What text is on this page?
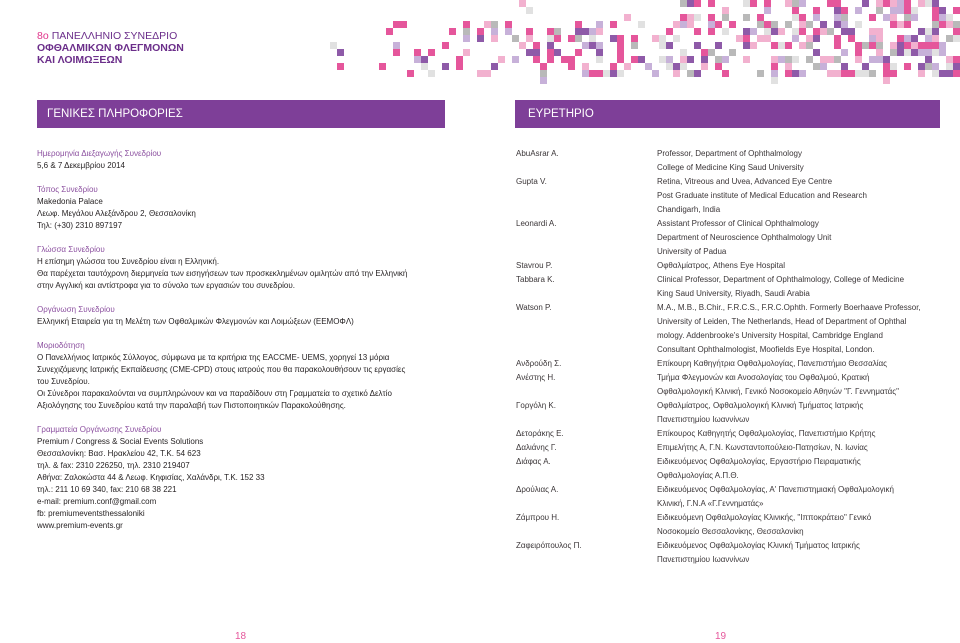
8ο ΠΑΝΕΛΛΗΝΙΟ ΣΥΝΕΔΡΙΟ
ΟΦΘΑΛΜΙΚΩΝ ΦΛΕΓΜΟΝΩΝ
ΚΑΙ ΛΟΙΜΩΞΕΩΝ
ΓΕΝΙΚΕΣ ΠΛΗΡΟΦΟΡΙΕΣ	ΕΥΡΕΤΗΡΙΟ
Ημερομηνία Διεξαγωγής Συνεδρίου
5,6 & 7 Δεκεμβρίου 2014
Τόπος Συνεδρίου
Makedonia Palace
Λεωφ. Μεγάλου Αλεξάνδρου 2, Θεσσαλονίκη
Τηλ: (+30) 2310 897197
Γλώσσα Συνεδρίου
Η επίσημη γλώσσα του Συνεδρίου είναι η Ελληνική.
Θα παρέχεται ταυτόχρονη διερμηνεία των εισηγήσεων των προσκεκλημένων ομιλητών από την Ελληνική
στην Αγγλική και αντίστροφα για το σύνολο των εργασιών του συνεδρίου.
Οργάνωση Συνεδρίου
Ελληνική Εταιρεία για τη Μελέτη των Οφθαλμικών Φλεγμονών και Λοιμώξεων (ΕΕΜΟΦΛ)
Μοριοδότηση
Ο Πανελλήνιος Ιατρικός Σύλλογος, σύμφωνα με τα κριτήρια της EACCME- UEMS, χορηγεί 13 μόρια
Συνεχιζόμενης Ιατρικής Εκπαίδευσης (CME-CPD) στους ιατρούς που θα παρακολουθήσουν τις εργασίες
του Συνεδρίου.
Οι Σύνεδροι παρακαλούνται να συμπληρώνουν και να παραδίδουν στη Γραμματεία το σχετικό Δελτίο
Αξιολόγησης του Συνεδρίου κατά την παραλαβή των Πιστοποιητικών Παρακολούθησης.
Γραμματεία Οργάνωσης Συνεδρίου
Premium / Congress & Social Events Solutions
Θεσσαλονίκη: Βασ. Ηρακλείου 42, Τ.Κ. 54 623
τηλ. & fax: 2310 226250, τηλ. 2310 219407
Αθήνα: Ζαλοκώστα 44 & Λεωφ. Κηφισίας, Χαλάνδρι, Τ.Κ. 152 33
τηλ.: 211 10 69 340, fax: 210 68 38 221
e-mail: premium.conf@gmail.com
fb: premiumeventsthessaloniki
www.premium-events.gr
AbuAsrar A.	Professor, Department of Ophthalmology
College of Medicine King Saud University
Gupta V.	Retina, Vitreous and Uvea, Advanced Eye Centre
Post Graduate institute of Medical Education and Research
Chandigarh, India
Leonardi A.	Assistant Professor of Clinical Ophthalmology
Department of Neuroscience Ophthalmology Unit
University of Padua
Stavrou P.	Οφθαλμίατρος, Athens Eye Hospital
Tabbara K.	Clinical Professor, Department of Ophthalmology, College of Medicine
King Saud University, Riyadh, Saudi Arabia
Watson P.	M.A., M.B., B.Chir., F.R.C.S., F.R.C.Ophth. Formerly Boerhaave Professor,
University of Leiden, The Netherlands, Head of Department of Ophthal
mology. Addenbrooke's University Hospital, Cambridge England
Consultant Ophthalmologist, Moofields Eye Hospital, London.
Ανδρούδη Σ.	Επίκουρη Καθηγήτρια Οφθαλμολογίας, Πανεπιστήμιο Θεσσαλίας
Ανέστης Η.	Τμήμα Φλεγμονών και Ανοσολογίας του Οφθαλμού, Κρατική
Οφθαλμολογική Κλινική, Γενικό Νοσοκομείο Αθηνών "Γ. Γεννηματάς"
Γοργόλη Κ.	Οφθαλμίατρος, Οφθαλμολογική Κλινική Τμήματος Ιατρικής
Πανεπιστημίου Ιωαννίνων
Δετοράκης Ε.	Επίκουρος Καθηγητής Οφθαλμολογίας, Πανεπιστήμιο Κρήτης
Δαλιάνης Γ.	Επιμελήτης Α, Γ.Ν. Κωνσταντοπούλειο-Πατησίων, Ν. Ιωνίας
Διάφας Α.	Ειδικευόμενος Οφθαλμολογίας, Εργαστήριο Πειραματικής
Οφθαλμολογίας Α.Π.Θ.
Δρούλιας Α.	Ειδικευόμενος Οφθαλμολογίας, Α' Πανεπιστημιακή Οφθαλμολογική
Κλινική, Γ.Ν.Α «Γ.Γεννηματάς»
Ζάμπρου Η.	Ειδικευόμενη Οφθαλμολογίας Κλινικής, "Ιπποκράτειο" Γενικό
Νοσοκομείο Θεσσαλονίκης, Θεσσαλονίκη
Ζαφειρόπουλος Π.	Ειδικευόμενος Οφθαλμολογίας Κλινική Τμήματος Ιατρικής
Πανεπιστημίου Ιωαννίνων
18	19
